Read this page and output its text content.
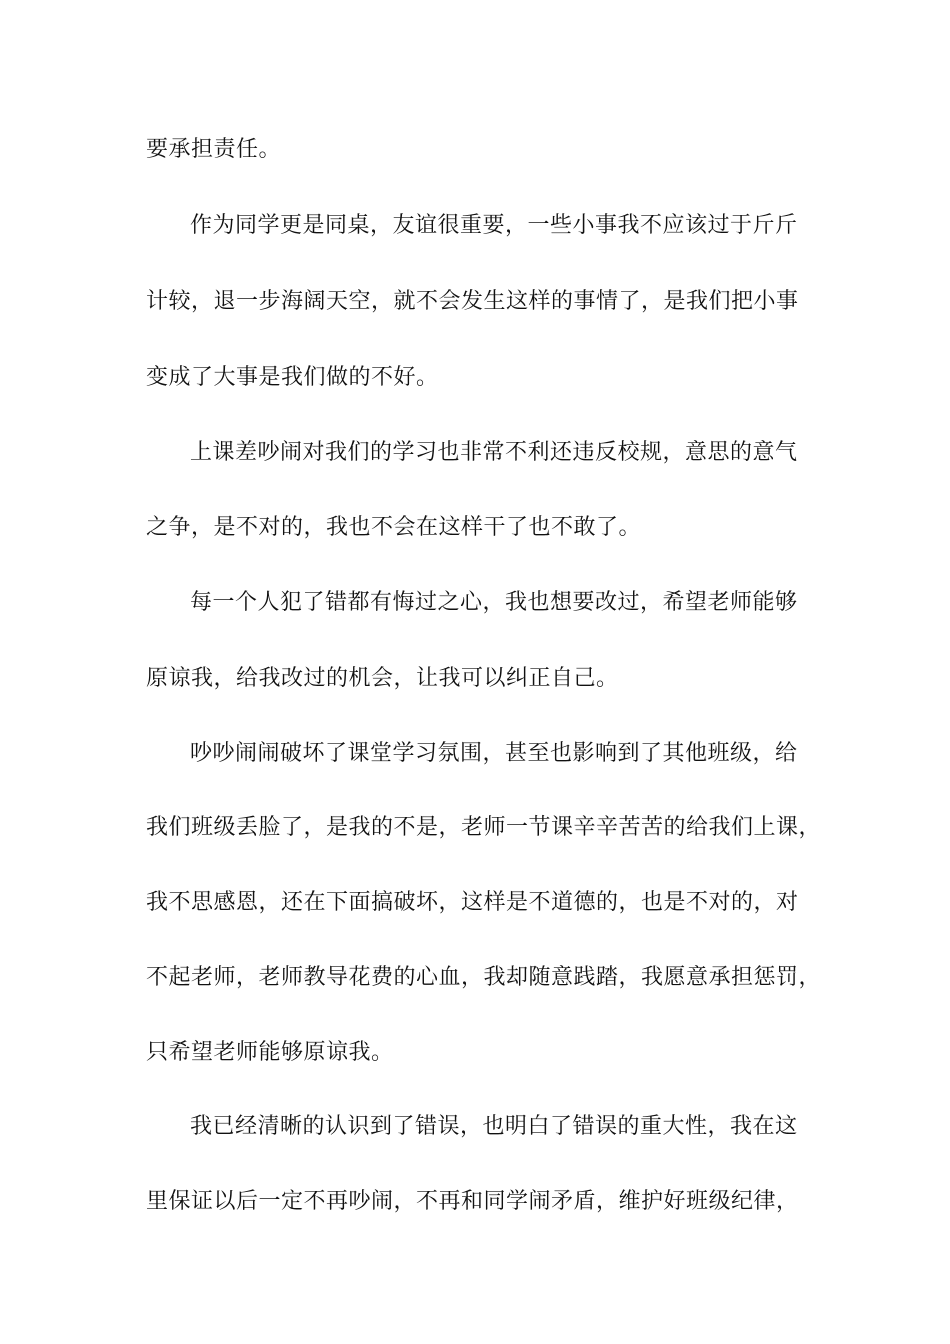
要承担责任。
作为同学更是同桌，友谊很重要，一些小事我不应该过于斤斤
计较，退一步海阔天空，就不会发生这样的事情了，是我们把小事
变成了大事是我们做的不好。
上课差吵闹对我们的学习也非常不利还违反校规，意思的意气
之争，是不对的，我也不会在这样干了也不敢了。
每一个人犯了错都有悔过之心，我也想要改过，希望老师能够
原谅我，给我改过的机会，让我可以纠正自己。
吵吵闹闹破坏了课堂学习氛围，甚至也影响到了其他班级，给
我们班级丢脸了，是我的不是，老师一节课辛辛苦苦的给我们上课，
我不思感恩，还在下面搞破坏，这样是不道德的，也是不对的，对
不起老师，老师教导花费的心血，我却随意践踏，我愿意承担惩罚，
只希望老师能够原谅我。
我已经清晰的认识到了错误，也明白了错误的重大性，我在这
里保证以后一定不再吵闹，不再和同学闹矛盾，维护好班级纪律，
